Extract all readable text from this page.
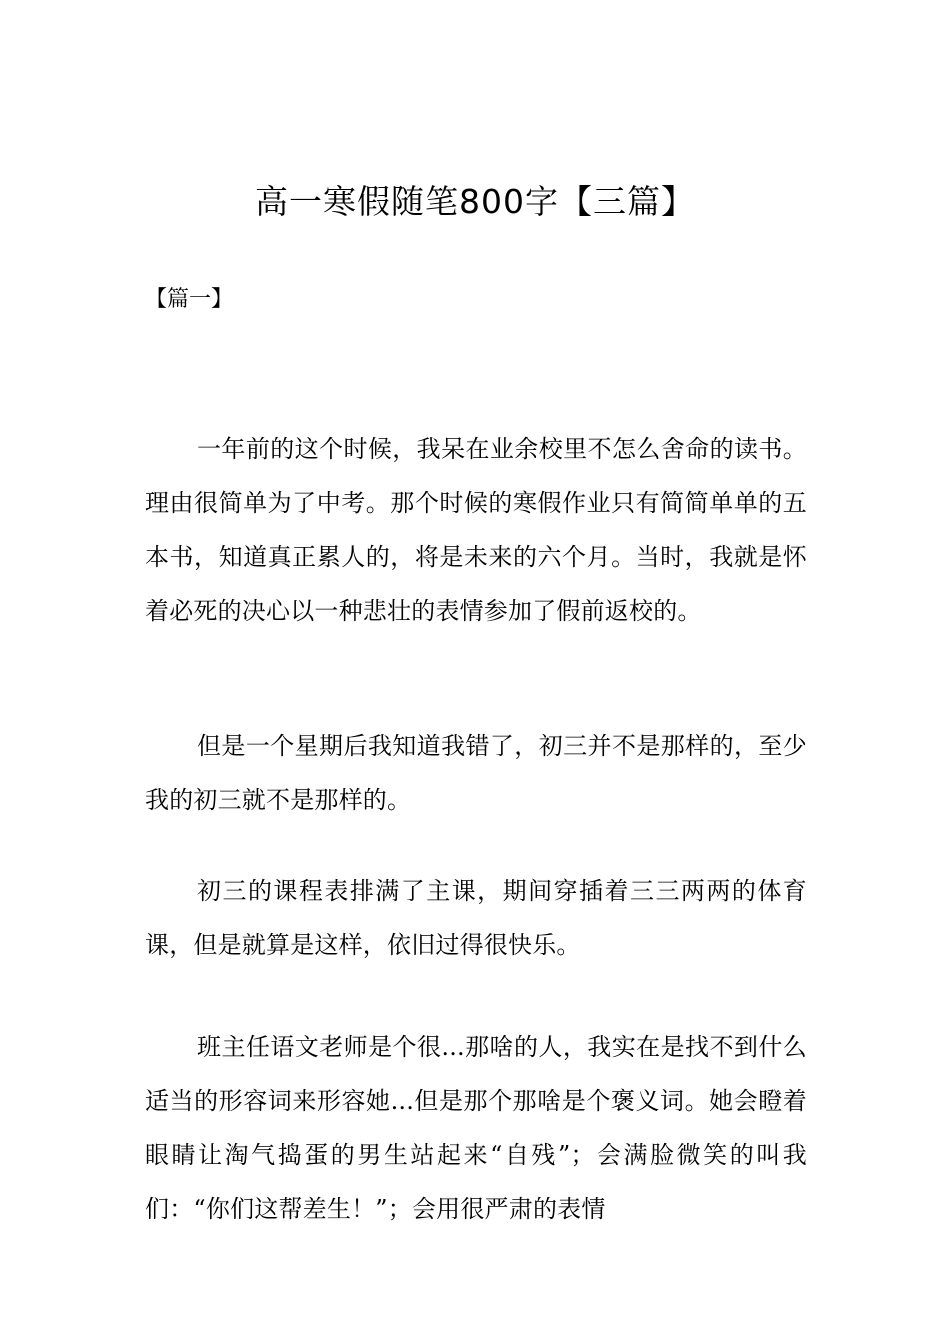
高一寒假随笔800字【三篇】
【篇一】

一年前的这个时候，我呆在业余校里不怎么舍命的读书。理由很简单为了中考。那个时候的寒假作业只有简简单单的五本书，知道真正累人的，将是未来的六个月。当时，我就是怀着必死的决心以一种悲壮的表情参加了假前返校的。

但是一个星期后我知道我错了，初三并不是那样的，至少我的初三就不是那样的。

初三的课程表排满了主课，期间穿插着三三两两的体育课，但是就算是这样，依旧过得很快乐。

班主任语文老师是个很...那啥的人，我实在是找不到什么适当的形容词来形容她...但是那个那啥是个褒义词。她会瞪着眼睛让淘气捣蛋的男生站起来“自残”；会满脸微笑的叫我们：“你们这帮差生！”；会用很严肃的表情
